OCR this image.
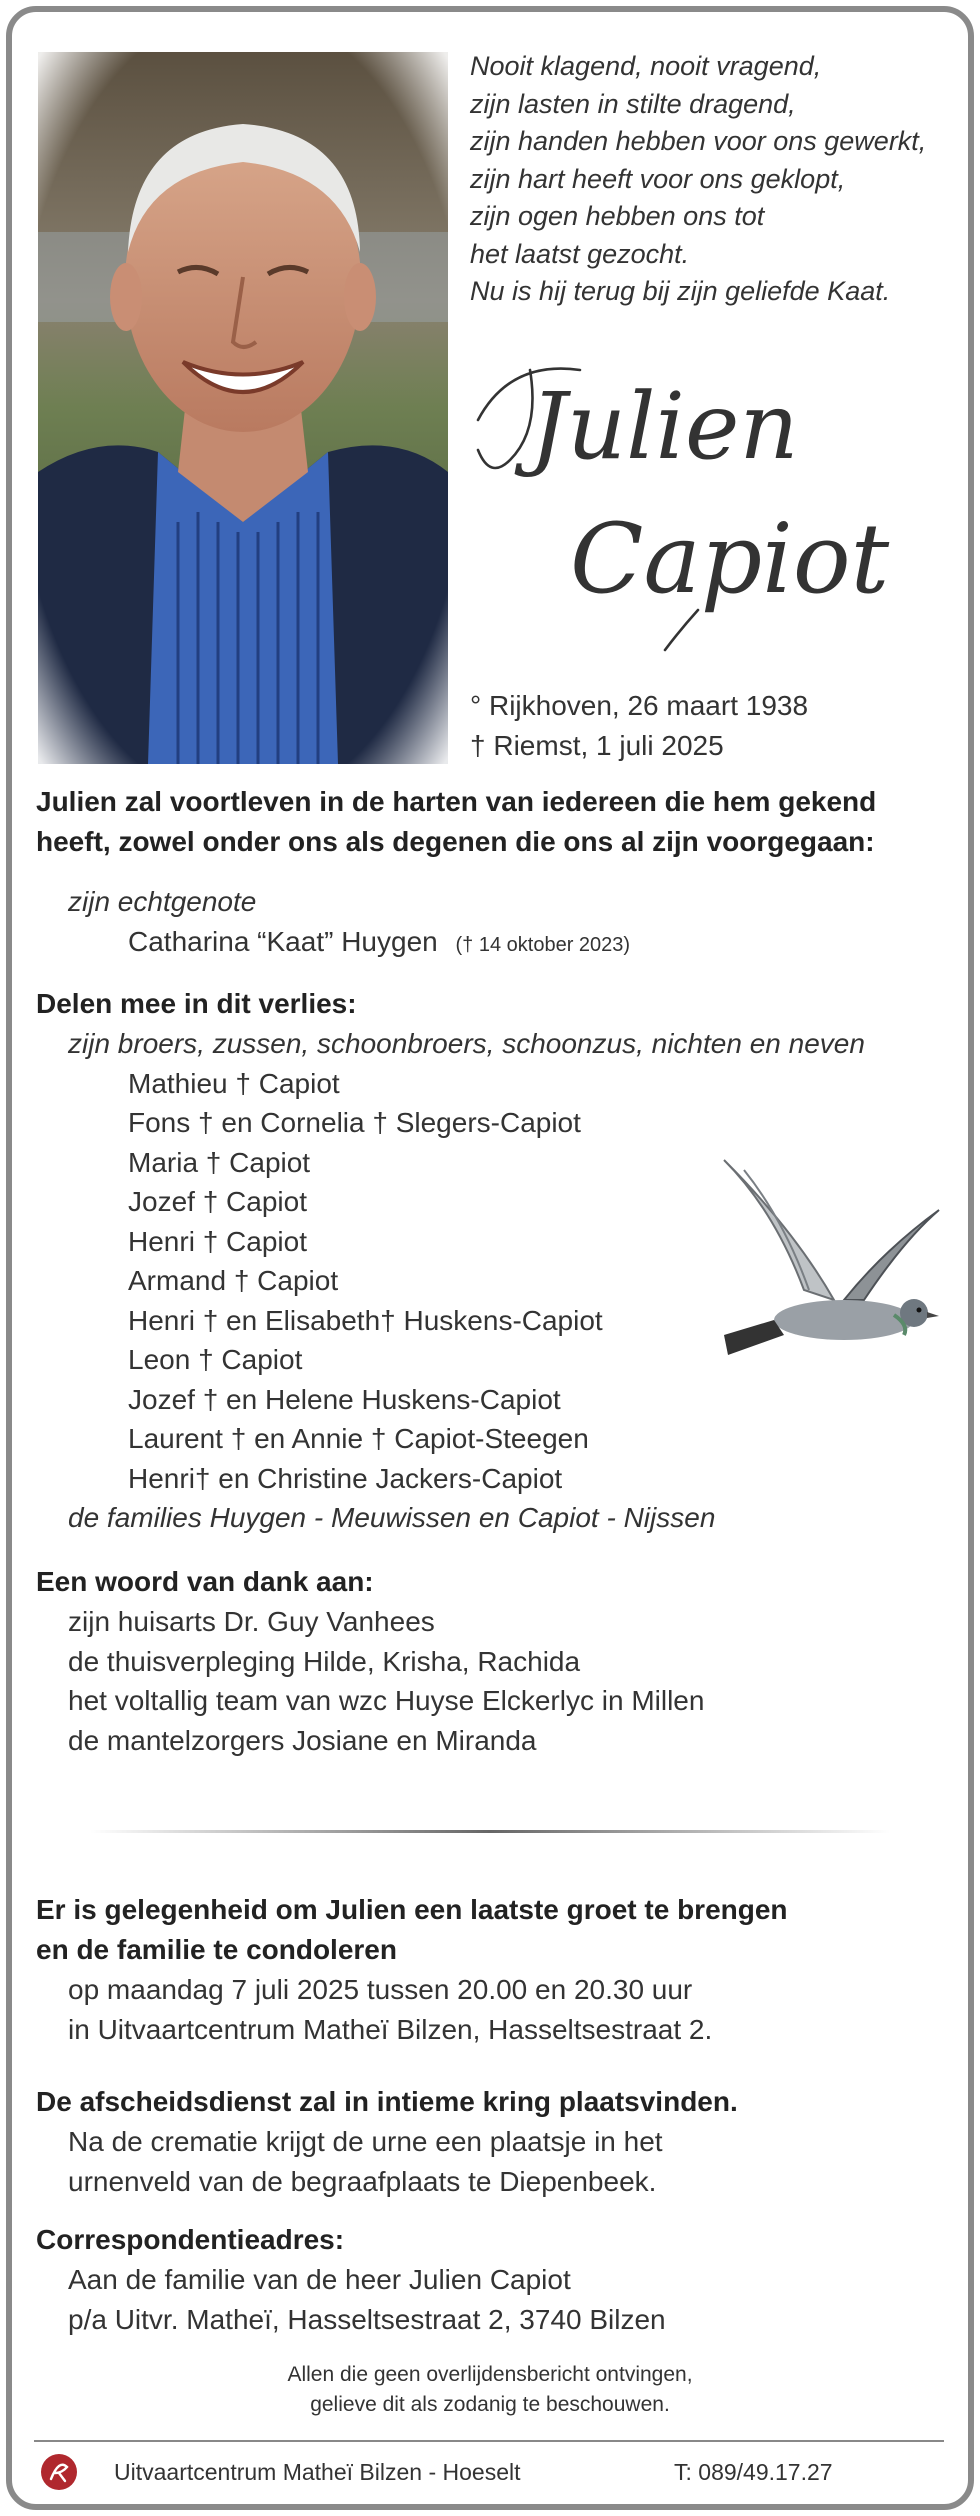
Nooit klagend, nooit vragend,
zijn lasten in stilte dragend,
zijn handen hebben voor ons gewerkt,
zijn hart heeft voor ons geklopt,
zijn ogen hebben ons tot
het laatst gezocht.
Nu is hij terug bij zijn geliefde Kaat.
Julien
Capiot
° Rijkhoven, 26 maart 1938
† Riemst, 1 juli 2025
Julien zal voortleven in de harten van iedereen die hem gekend
heeft, zowel onder ons als degenen die ons al zijn voorgegaan:
zijn echtgenote
Catharina “Kaat” Huygen († 14 oktober 2023)
Delen mee in dit verlies:
zijn broers, zussen, schoonbroers, schoonzus, nichten en neven
Mathieu † Capiot
Fons † en Cornelia † Slegers-Capiot
Maria † Capiot
Jozef † Capiot
Henri † Capiot
Armand † Capiot
Henri † en Elisabeth† Huskens-Capiot
Leon † Capiot
Jozef † en Helene Huskens-Capiot
Laurent † en Annie † Capiot-Steegen
Henri† en Christine Jackers-Capiot
de families Huygen - Meuwissen en Capiot - Nijssen
Een woord van dank aan:
zijn huisarts Dr. Guy Vanhees
de thuisverpleging Hilde, Krisha, Rachida
het voltallig team van wzc Huyse Elckerlyc in Millen
de mantelzorgers Josiane en Miranda
Er is gelegenheid om Julien een laatste groet te brengen
en de familie te condoleren
op maandag 7 juli 2025 tussen 20.00 en 20.30 uur
in Uitvaartcentrum Matheï Bilzen, Hasseltsestraat 2.
De afscheidsdienst zal in intieme kring plaatsvinden.
Na de crematie krijgt de urne een plaatsje in het
urnenveld van de begraafplaats te Diepenbeek.
Correspondentieadres:
Aan de familie van de heer Julien Capiot
p/a Uitvr. Matheï, Hasseltsestraat 2, 3740 Bilzen
Allen die geen overlijdensbericht ontvingen,
gelieve dit als zodanig te beschouwen.
Uitvaartcentrum Matheï Bilzen - Hoeselt	T: 089/49.17.27
